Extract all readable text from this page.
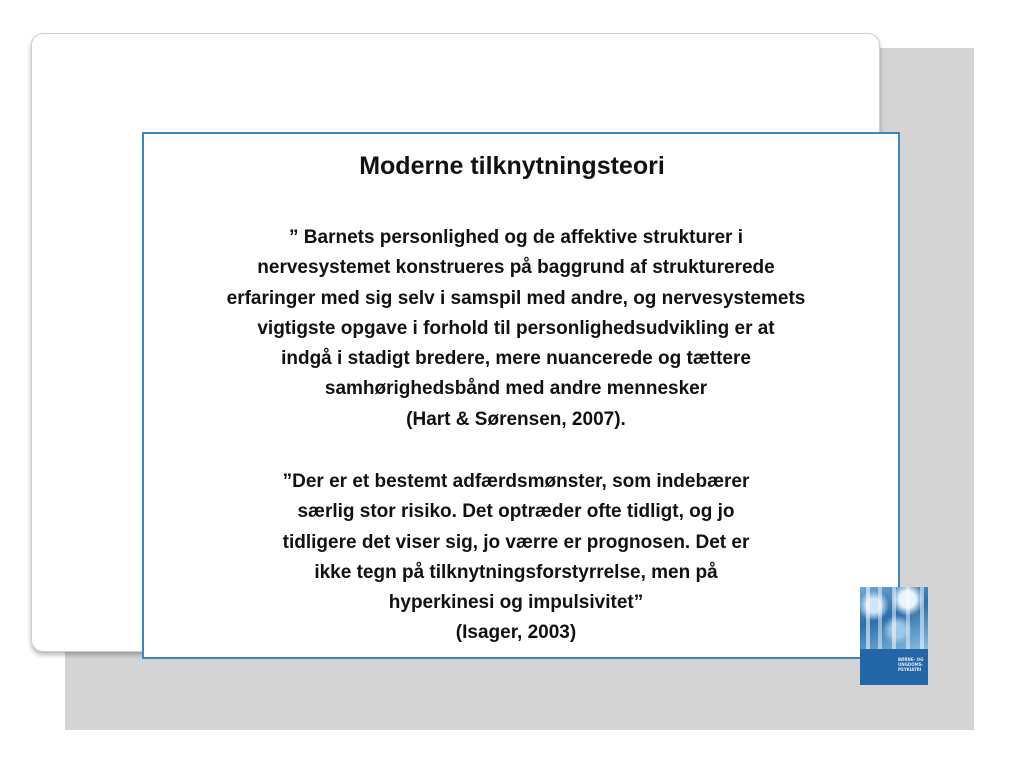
Moderne tilknytningsteori

” Barnets personlighed og de affektive strukturer i
nervesystemet konstrueres på baggrund af strukturerede
erfaringer med sig selv i samspil med andre, og nervesystemets
vigtigste opgave i forhold til personlighedsudvikling er at
indgå i stadigt bredere, mere nuancerede og tættere
samhørighedsbånd med andre mennesker
(Hart & Sørensen, 2007).

”Der er et bestemt adfærdsmønster, som indebærer
særlig stor risiko. Det optræder ofte tidligt, og jo
tidligere det viser sig, jo værre er prognosen. Det er
ikke tegn på tilknytningsforstyrrelse, men på
hyperkinesi og impulsivitet”
(Isager, 2003)

BØRNE- OG
UNGDOMS-
PSYKIATRI
